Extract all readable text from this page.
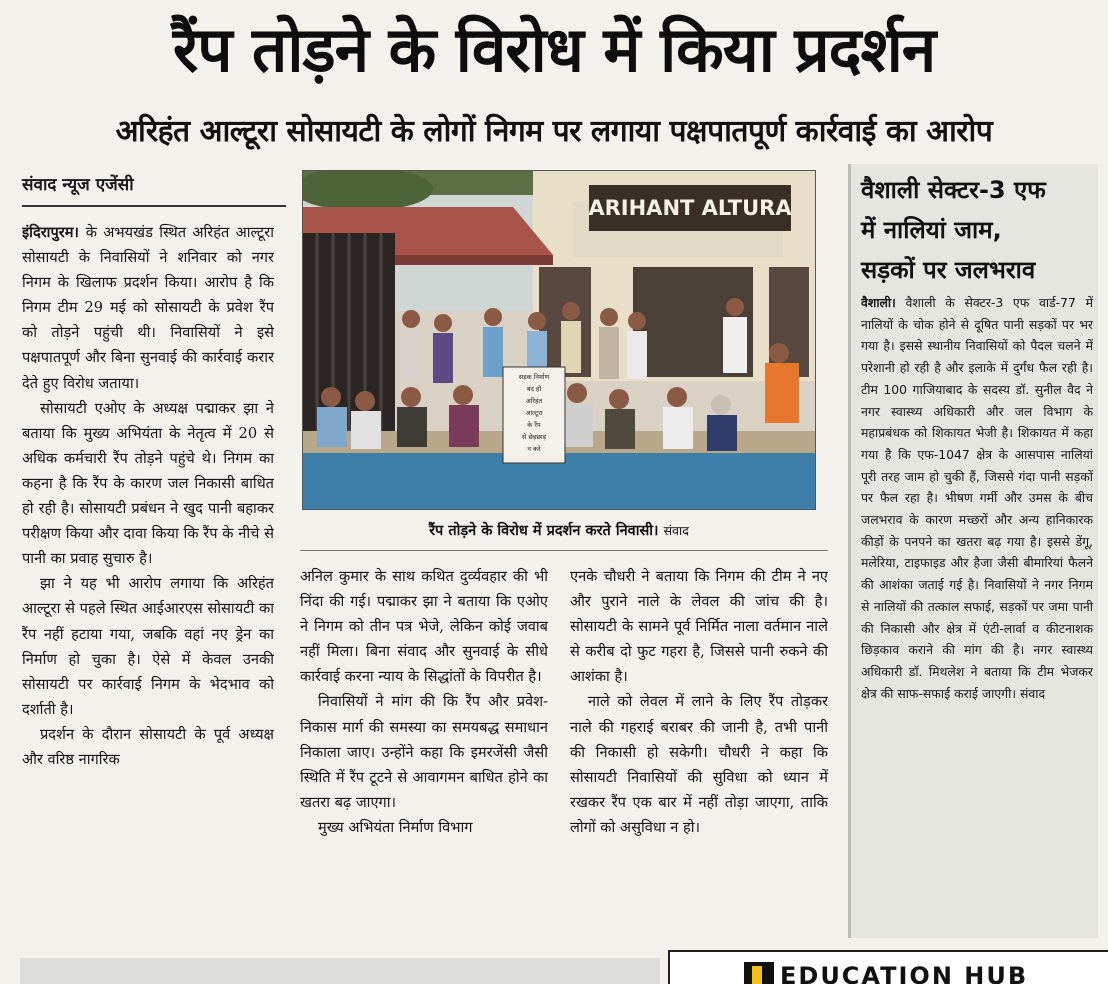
रैंप तोड़ने के विरोध में किया प्रदर्शन
अरिहंत आल्टूरा सोसायटी के लोगों निगम पर लगाया पक्षपातपूर्ण कार्रवाई का आरोप
संवाद न्यूज एजेंसी

इंदिरापुरम। के अभयखंड स्थित अरिहंत आल्टूरा सोसायटी के निवासियों ने शनिवार को नगर निगम के खिलाफ प्रदर्शन किया। आरोप है कि निगम टीम 29 मई को सोसायटी के प्रवेश रैंप को तोड़ने पहुंची थी। निवासियों ने इसे पक्षपातपूर्ण और बिना सुनवाई की कार्रवाई करार देते हुए विरोध जताया।

सोसायटी एओए के अध्यक्ष पद्माकर झा ने बताया कि मुख्य अभियंता के नेतृत्व में 20 से अधिक कर्मचारी रैंप तोड़ने पहुंचे थे। निगम का कहना है कि रैंप के कारण जल निकासी बाधित हो रही है। सोसायटी प्रबंधन ने खुद पानी बहाकर परीक्षण किया और दावा किया कि रैंप के नीचे से पानी का प्रवाह सुचारु है।

झा ने यह भी आरोप लगाया कि अरिहंत आल्टूरा से पहले स्थित आईआरएस सोसायटी का रैंप नहीं हटाया गया, जबकि वहां नए ड्रेन का निर्माण हो चुका है। ऐसे में केवल उनकी सोसायटी पर कार्रवाई निगम के भेदभाव को दर्शाती है।

प्रदर्शन के दौरान सोसायटी के पूर्व अध्यक्ष और वरिष्ठ नागरिक

ARIHANT ALTURA
सड़क निर्माण
बंद हो
अरिहंत
आल्टूरा
के रैंप
से छेड़छाड़
न करे
रैंप तोड़ने के विरोध में प्रदर्शन करते निवासी। संवाद

अनिल कुमार के साथ कथित दुर्व्यवहार की भी निंदा की गई। पद्माकर झा ने बताया कि एओए ने निगम को तीन पत्र भेजे, लेकिन कोई जवाब नहीं मिला। बिना संवाद और सुनवाई के सीधे कार्रवाई करना न्याय के सिद्धांतों के विपरीत है।

निवासियों ने मांग की कि रैंप और प्रवेश-निकास मार्ग की समस्या का समयबद्ध समाधान निकाला जाए। उन्होंने कहा कि इमरजेंसी जैसी स्थिति में रैंप टूटने से आवागमन बाधित होने का खतरा बढ़ जाएगा।

मुख्य अभियंता निर्माण विभाग

एनके चौधरी ने बताया कि निगम की टीम ने नए और पुराने नाले के लेवल की जांच की है। सोसायटी के सामने पूर्व निर्मित नाला वर्तमान नाले से करीब दो फुट गहरा है, जिससे पानी रुकने की आशंका है।

नाले को लेवल में लाने के लिए रैंप तोड़कर नाले की गहराई बराबर की जानी है, तभी पानी की निकासी हो सकेगी। चौधरी ने कहा कि सोसायटी निवासियों की सुविधा को ध्यान में रखकर रैंप एक बार में नहीं तोड़ा जाएगा, ताकि लोगों को असुविधा न हो।

वैशाली सेक्टर-3 एफ
में नालियां जाम,
सड़कों पर जलभराव
वैशाली। वैशाली के सेक्टर-3 एफ वार्ड-77 में नालियों के चोक होने से दूषित पानी सड़कों पर भर गया है। इससे स्थानीय निवासियों को पैदल चलने में परेशानी हो रही है और इलाके में दुर्गंध फैल रही है। टीम 100 गाजियाबाद के सदस्य डॉ. सुनील वैद ने नगर स्वास्थ्य अधिकारी और जल विभाग के महाप्रबंधक को शिकायत भेजी है। शिकायत में कहा गया है कि एफ-1047 क्षेत्र के आसपास नालियां पूरी तरह जाम हो चुकी हैं, जिससे गंदा पानी सड़कों पर फैल रहा है। भीषण गर्मी और उमस के बीच जलभराव के कारण मच्छरों और अन्य हानिकारक कीड़ों के पनपने का खतरा बढ़ गया है। इससे डेंगू, मलेरिया, टाइफाइड और हैजा जैसी बीमारियां फैलने की आशंका जताई गई है। निवासियों ने नगर निगम से नालियों की तत्काल सफाई, सड़कों पर जमा पानी की निकासी और क्षेत्र में एंटी-लार्वा व कीटनाशक छिड़काव कराने की मांग की है। नगर स्वास्थ्य अधिकारी डॉ. मिथलेश ने बताया कि टीम भेजकर क्षेत्र की साफ-सफाई कराई जाएगी। संवाद
EDUCATION HUB
